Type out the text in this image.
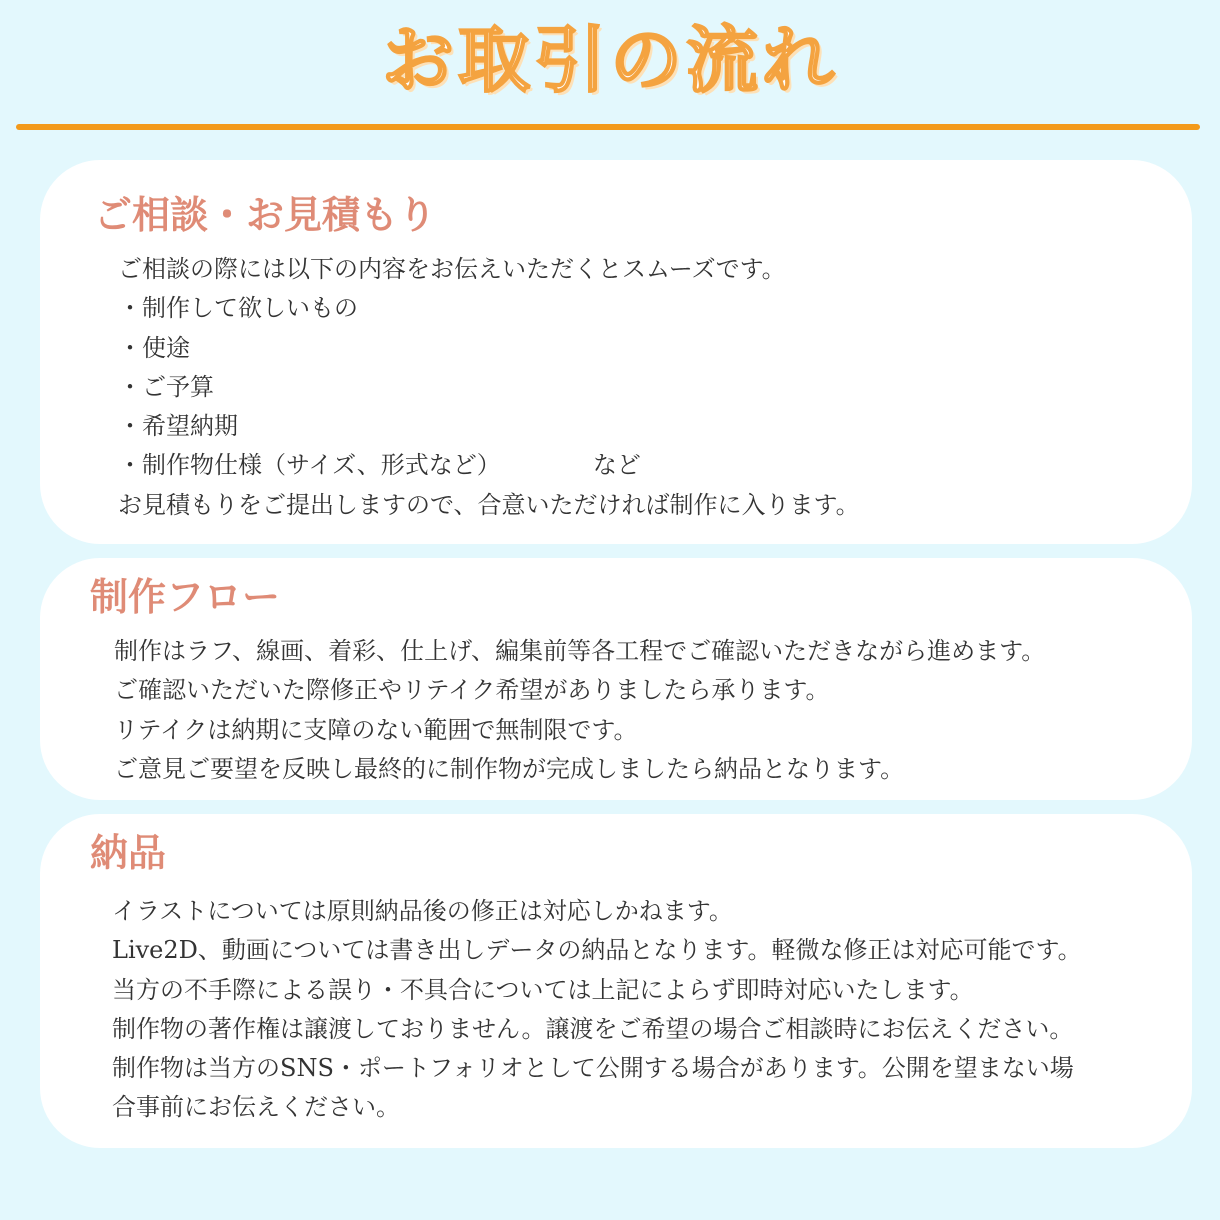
お取引の流れ
ご相談・お見積もり
ご相談の際には以下の内容をお伝えいただくとスムーズです。
・制作して欲しいもの
・使途
・ご予算
・希望納期
・制作物仕様（サイズ、形式など）	など
お見積もりをご提出しますので、合意いただければ制作に入ります。
制作フロー
制作はラフ、線画、着彩、仕上げ、編集前等各工程でご確認いただきながら進めます。
ご確認いただいた際修正やリテイク希望がありましたら承ります。
リテイクは納期に支障のない範囲で無制限です。
ご意見ご要望を反映し最終的に制作物が完成しましたら納品となります。
納品
イラストについては原則納品後の修正は対応しかねます。
Live2D、動画については書き出しデータの納品となります。軽微な修正は対応可能です。
当方の不手際による誤り・不具合については上記によらず即時対応いたします。
制作物の著作権は譲渡しておりません。譲渡をご希望の場合ご相談時にお伝えください。
制作物は当方のSNS・ポートフォリオとして公開する場合があります。公開を望まない場
合事前にお伝えください。
